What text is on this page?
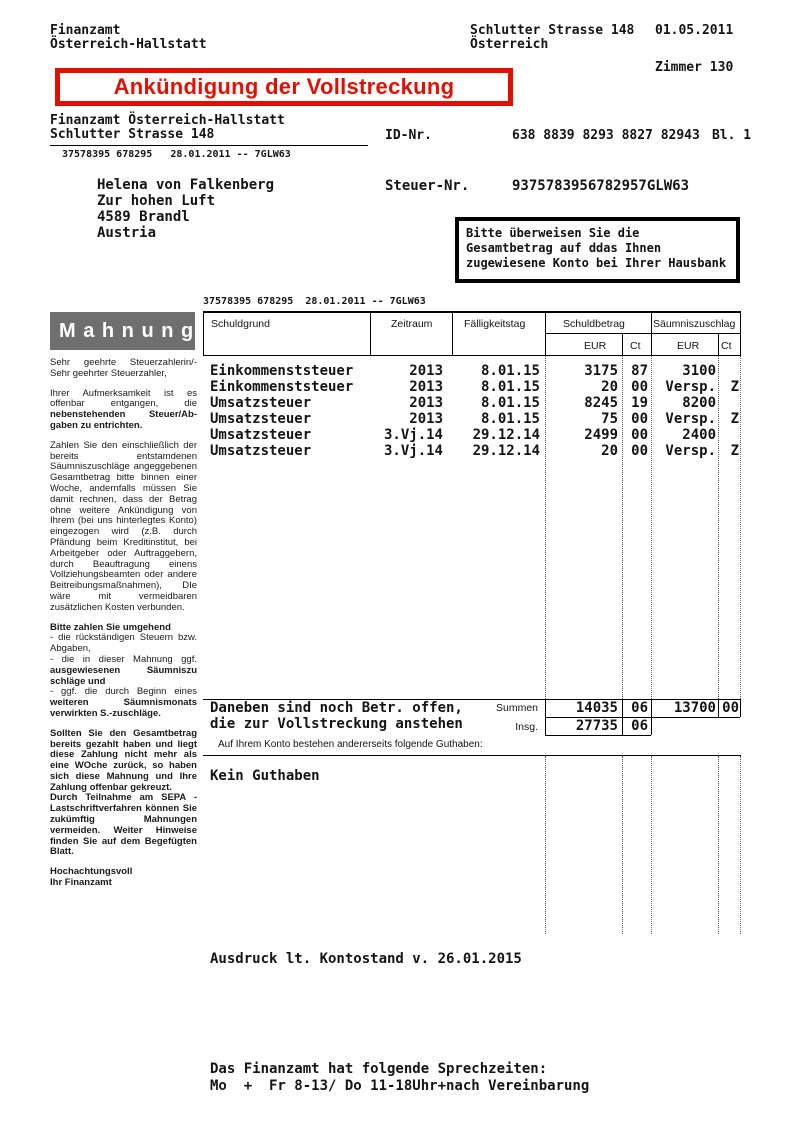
Finanzamt
Österreich-Hallstatt
Schlutter Strasse 148
Österreich
01.05.2011
Zimmer 130
Ankündigung der Vollstreckung
Finanzamt Österreich-Hallstatt
Schlutter Strasse 148
37578395 678295   28.01.2011 -- 7GLW63
ID-Nr.	638 8839 8293 8827 82943 Bl. 1
Helena von Falkenberg
Zur hohen Luft
4589 Brandl
Austria
Steuer-Nr.	9375783956782957GLW63
Bitte überweisen Sie die Gesamtbetrag auf ddas Ihnen zugewiesene Konto bei Ihrer Hausbank
37578395 678295  28.01.2011 -- 7GLW63
M a h n u n g

Sehr geehrte Steuerzahlerin/- Sehr geehrter Steuerzahler,

Ihrer Aufmerksamkeit ist es offenbar entgangen, die nebenstehenden Steuer/Ab- gaben zu entrichten.

Zahlen Sie den einschließlich der bereits entstamdenen Säumniszuschläge angeggebenen Gesamtbetrag bitte binnen einer Woche, andernfalls müssen Sie damit rechnen, dass der Betrag ohne weitere Ankündigung von Ihrem (bei uns hinterlegtes Konto) eingezogen wird (z.B. durch Pfändung beim Kreditinstitut, bei Arbeitgeber oder Auftraggebern, durch Beauftragung einens Vollziehungsbeamten oder andere Beitreibungsmaßnahmen), DIe wäre mit vermeidbaren zusätzlichen Kosten verbunden.

Bitte zahlen Sie umgehend

- die rückständigen Steuern bzw. Abgaben,

- die in dieser Mahnung ggf. ausgewiesenen Säumniszu schläge und

- ggf. die durch Beginn eines weiteren Säumnismonats verwirkten S.-zuschläge.

Sollten Sie den Gesamtbetrag bereits gezahlt haben und liegt diese Zahlung nicht mehr als eine WOche zurück, so haben sich diese Mahnung und Ihre Zahlung offenbar gekreuzt.

Durch Teilnahme am SEPA -Lastschriftverfahren können Sie zukümftig Mahnungen vermeiden. Weiter Hinweise finden Sie auf dem Begefügten Blatt.

Hochachtungsvoll

Ihr Finanzamt

Schuldgrund	Zeitraum	Fälligkeitstag	Schuldbetrag	Säumniszuschlag
EUR Ct	EUR Ct
Einkommenststeuer	2013	8.01.15	3175 87	3100
Einkommenststeuer	2013	8.01.15	20 00	Versp.	Z
Umsatzsteuer	2013	8.01.15	8245 19	8200
Umsatzsteuer	2013	8.01.15	75 00	Versp.	Z
Umsatzsteuer	3.Vj.14	29.12.14	2499 00	2400
Umsatzsteuer	3.Vj.14	29.12.14	20 00	Versp.	Z
Daneben sind noch Betr. offen,
die zur Vollstreckung anstehen
Summen	14035 06	13700 00
Insg.	27735 06
Auf Ihrem Konto bestehen andererseits folgende Guthaben:
Kein Guthaben
Ausdruck lt. Kontostand v. 26.01.2015
Das Finanzamt hat folgende Sprechzeiten:
Mo  +  Fr 8-13/ Do 11-18Uhr+nach Vereinbarung
